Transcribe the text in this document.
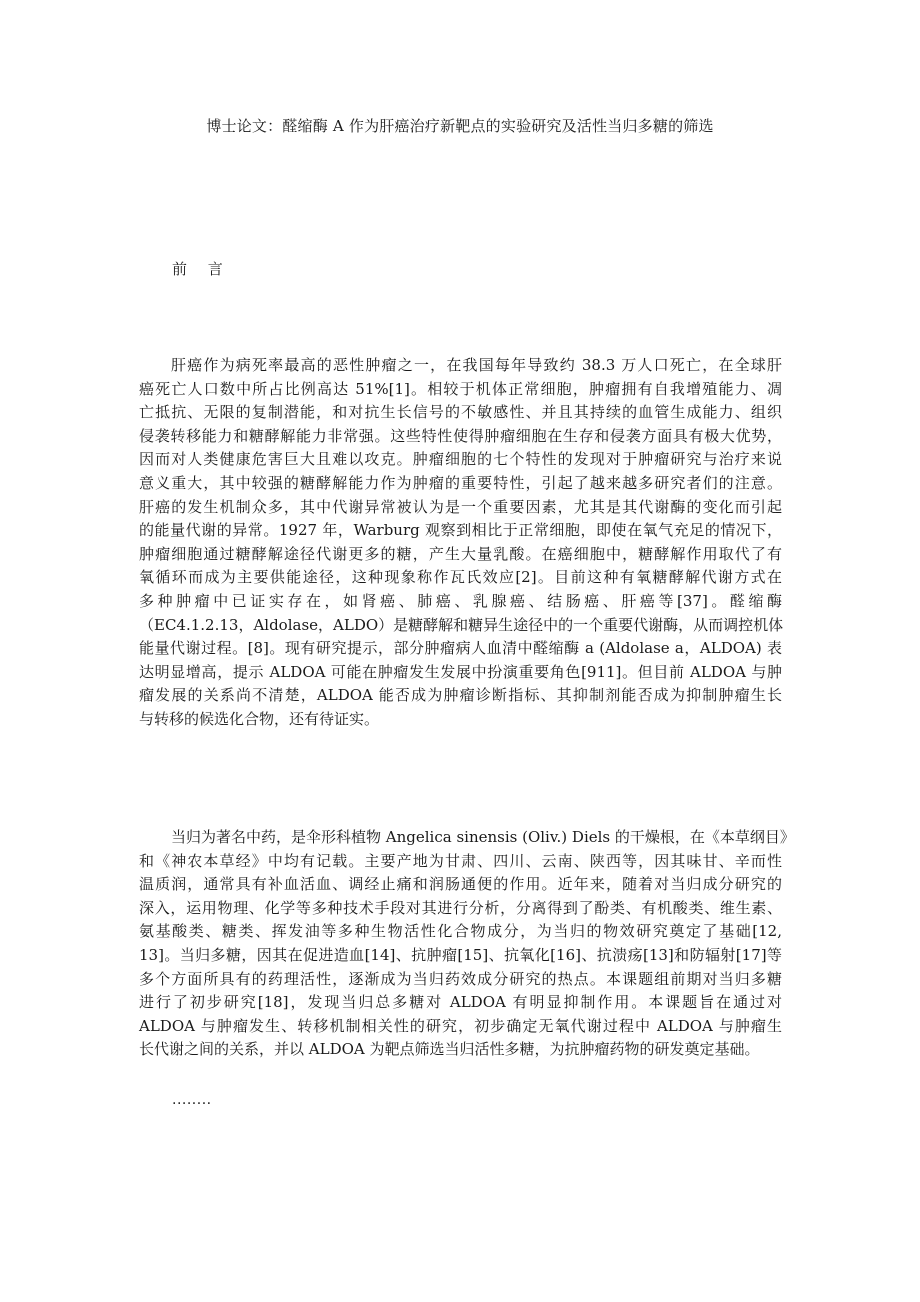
博士论文：醛缩酶 A 作为肝癌治疗新靶点的实验研究及活性当归多糖的筛选
前 言
肝癌作为病死率最高的恶性肿瘤之一，在我国每年导致约 38.3 万人口死亡，在全球肝
癌死亡人口数中所占比例高达 51%[1]。相较于机体正常细胞，肿瘤拥有自我增殖能力、凋
亡抵抗、无限的复制潜能，和对抗生长信号的不敏感性、并且其持续的血管生成能力、组织
侵袭转移能力和糖酵解能力非常强。这些特性使得肿瘤细胞在生存和侵袭方面具有极大优势，
因而对人类健康危害巨大且难以攻克。肿瘤细胞的七个特性的发现对于肿瘤研究与治疗来说
意义重大，其中较强的糖酵解能力作为肿瘤的重要特性，引起了越来越多研究者们的注意。
肝癌的发生机制众多，其中代谢异常被认为是一个重要因素，尤其是其代谢酶的变化而引起
的能量代谢的异常。1927 年，Warburg 观察到相比于正常细胞，即使在氧气充足的情况下，
肿瘤细胞通过糖酵解途径代谢更多的糖，产生大量乳酸。在癌细胞中，糖酵解作用取代了有
氧循环而成为主要供能途径，这种现象称作瓦氏效应[2]。目前这种有氧糖酵解代谢方式在
多种肿瘤中已证实存在，如肾癌、肺癌、乳腺癌、结肠癌、肝癌等[37]。醛缩酶
（EC4.1.2.13，Aldolase，ALDO）是糖酵解和糖异生途径中的一个重要代谢酶，从而调控机体
能量代谢过程。[8]。现有研究提示，部分肿瘤病人血清中醛缩酶 a (Aldolase a，ALDOA) 表
达明显增高，提示 ALDOA 可能在肿瘤发生发展中扮演重要角色[911]。但目前 ALDOA 与肿
瘤发展的关系尚不清楚，ALDOA 能否成为肿瘤诊断指标、其抑制剂能否成为抑制肿瘤生长
与转移的候选化合物，还有待证实。
当归为著名中药，是伞形科植物 Angelica sinensis (Oliv.) Diels 的干燥根，在《本草纲目》
和《神农本草经》中均有记载。主要产地为甘肃、四川、云南、陕西等，因其味甘、辛而性
温质润，通常具有补血活血、调经止痛和润肠通便的作用。近年来，随着对当归成分研究的
深入，运用物理、化学等多种技术手段对其进行分析，分离得到了酚类、有机酸类、维生素、
氨基酸类、糖类、挥发油等多种生物活性化合物成分，为当归的物效研究奠定了基础[12,
13]。当归多糖，因其在促进造血[14]、抗肿瘤[15]、抗氧化[16]、抗溃疡[13]和防辐射[17]等
多个方面所具有的药理活性，逐渐成为当归药效成分研究的热点。本课题组前期对当归多糖
进行了初步研究[18]，发现当归总多糖对 ALDOA 有明显抑制作用。本课题旨在通过对
ALDOA 与肿瘤发生、转移机制相关性的研究，初步确定无氧代谢过程中 ALDOA 与肿瘤生
长代谢之间的关系，并以 ALDOA 为靶点筛选当归活性多糖，为抗肿瘤药物的研发奠定基础。
........
